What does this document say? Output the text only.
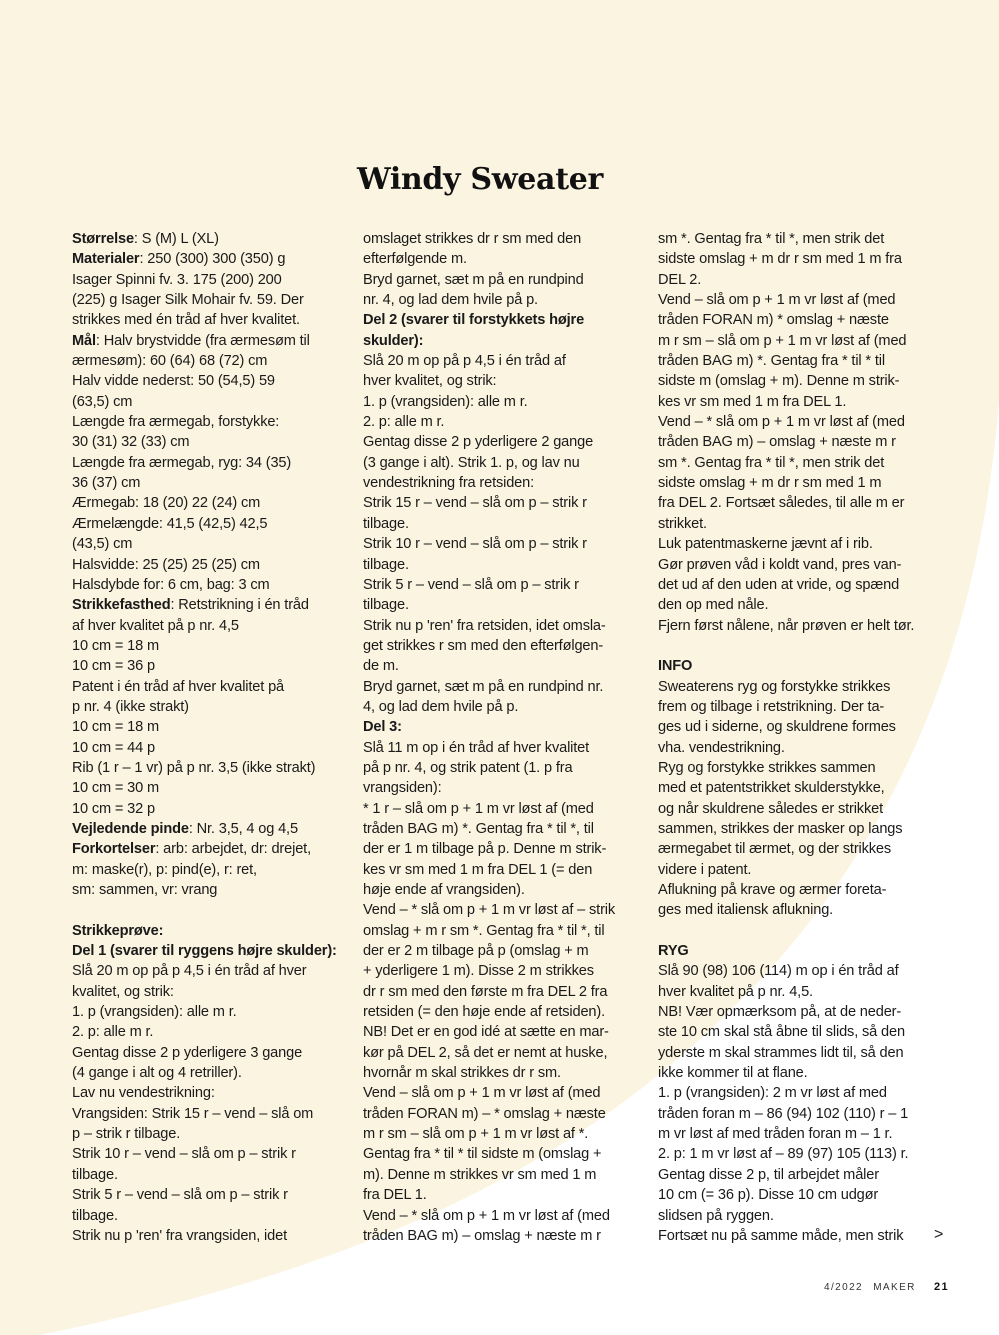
Windy Sweater

Størrelse: S (M) L (XL)

Materialer: 250 (300) 300 (350) g
Isager Spinni fv. 3. 175 (200) 200
(225) g Isager Silk Mohair fv. 59. Der
strikkes med én tråd af hver kvalitet.

Mål: Halv brystvidde (fra ærmesøm til
ærmesøm): 60 (64) 68 (72) cm
Halv vidde nederst: 50 (54,5) 59
(63,5) cm
Længde fra ærmegab, forstykke:
30 (31) 32 (33) cm
Længde fra ærmegab, ryg: 34 (35)
36 (37) cm
Ærmegab: 18 (20) 22 (24) cm
Ærmelængde: 41,5 (42,5) 42,5
(43,5) cm
Halsvidde: 25 (25) 25 (25) cm
Halsdybde for: 6 cm, bag: 3 cm

Strikkefasthed: Retstrikning i én tråd
af hver kvalitet på p nr. 4,5
10 cm = 18 m
10 cm = 36 p
Patent i én tråd af hver kvalitet på
p nr. 4 (ikke strakt)
10 cm = 18 m
10 cm = 44 p
Rib (1 r – 1 vr) på p nr. 3,5 (ikke strakt)
10 cm = 30 m
10 cm = 32 p

Vejledende pinde: Nr. 3,5, 4 og 4,5

Forkortelser: arb: arbejdet, dr: drejet,
m: maske(r), p: pind(e), r: ret,
sm: sammen, vr: vrang

Strikkeprøve:

Del 1 (svarer til ryggens højre skulder):

Slå 20 m op på p 4,5 i én tråd af hver
kvalitet, og strik:
1. p (vrangsiden): alle m r.
2. p: alle m r.
Gentag disse 2 p yderligere 3 gange
(4 gange i alt og 4 retriller).
Lav nu vendestrikning:
Vrangsiden: Strik 15 r – vend – slå om
p – strik r tilbage.
Strik 10 r – vend – slå om p – strik r
tilbage.
Strik 5 r – vend – slå om p – strik r
tilbage.
Strik nu p 'ren' fra vrangsiden, idet

omslaget strikkes dr r sm med den
efterfølgende m.
Bryd garnet, sæt m på en rundpind
nr. 4, og lad dem hvile på p.

Del 2 (svarer til forstykkets højre
skulder):

Slå 20 m op på p 4,5 i én tråd af
hver kvalitet, og strik:
1. p (vrangsiden): alle m r.
2. p: alle m r.
Gentag disse 2 p yderligere 2 gange
(3 gange i alt). Strik 1. p, og lav nu
vendestrikning fra retsiden:
Strik 15 r – vend – slå om p – strik r
tilbage.
Strik 10 r – vend – slå om p – strik r
tilbage.
Strik 5 r – vend – slå om p – strik r
tilbage.
Strik nu p 'ren' fra retsiden, idet omsla-
get strikkes r sm med den efterfølgen-
de m.
Bryd garnet, sæt m på en rundpind nr.
4, og lad dem hvile på p.

Del 3:

Slå 11 m op i én tråd af hver kvalitet
på p nr. 4, og strik patent (1. p fra
vrangsiden):
* 1 r – slå om p + 1 m vr løst af (med
tråden BAG m) *. Gentag fra * til *, til
der er 1 m tilbage på p. Denne m strik-
kes vr sm med 1 m fra DEL 1 (= den
høje ende af vrangsiden).
Vend – * slå om p + 1 m vr løst af – strik
omslag + m r sm *. Gentag fra * til *, til
der er 2 m tilbage på p (omslag + m
+ yderligere 1 m). Disse 2 m strikkes
dr r sm med den første m fra DEL 2 fra
retsiden (= den høje ende af retsiden).
NB! Det er en god idé at sætte en mar-
kør på DEL 2, så det er nemt at huske,
hvornår m skal strikkes dr r sm.
Vend – slå om p + 1 m vr løst af (med
tråden FORAN m) – * omslag + næste
m r sm – slå om p + 1 m vr løst af *.
Gentag fra * til * til sidste m (omslag +
m). Denne m strikkes vr sm med 1 m
fra DEL 1.
Vend – * slå om p + 1 m vr løst af (med
tråden BAG m) – omslag + næste m r

sm *. Gentag fra * til *, men strik det
sidste omslag + m dr r sm med 1 m fra
DEL 2.
Vend – slå om p + 1 m vr løst af (med
tråden FORAN m) * omslag + næste
m r sm – slå om p + 1 m vr løst af (med
tråden BAG m) *. Gentag fra * til * til
sidste m (omslag + m). Denne m strik-
kes vr sm med 1 m fra DEL 1.
Vend – * slå om p + 1 m vr løst af (med
tråden BAG m) – omslag + næste m r
sm *. Gentag fra * til *, men strik det
sidste omslag + m dr r sm med 1 m
fra DEL 2. Fortsæt således, til alle m er
strikket.
Luk patentmaskerne jævnt af i rib.
Gør prøven våd i koldt vand, pres van-
det ud af den uden at vride, og spænd
den op med nåle.
Fjern først nålene, når prøven er helt tør.

INFO

Sweaterens ryg og forstykke strikkes
frem og tilbage i retstrikning. Der ta-
ges ud i siderne, og skuldrene formes
vha. vendestrikning.
Ryg og forstykke strikkes sammen
med et patentstrikket skulderstykke,
og når skuldrene således er strikket
sammen, strikkes der masker op langs
ærmegabet til ærmet, og der strikkes
videre i patent.
Aflukning på krave og ærmer foreta-
ges med italiensk aflukning.

RYG

Slå 90 (98) 106 (114) m op i én tråd af
hver kvalitet på p nr. 4,5.
NB! Vær opmærksom på, at de neder-
ste 10 cm skal stå åbne til slids, så den
yderste m skal strammes lidt til, så den
ikke kommer til at flane.
1. p (vrangsiden): 2 m vr løst af med
tråden foran m – 86 (94) 102 (110) r – 1
m vr løst af med tråden foran m – 1 r.
2. p: 1 m vr løst af – 89 (97) 105 (113) r.
Gentag disse 2 p, til arbejdet måler
10 cm (= 36 p). Disse 10 cm udgør
slidsen på ryggen.
Fortsæt nu på samme måde, men strik	>
4/2022 MAKER 21
